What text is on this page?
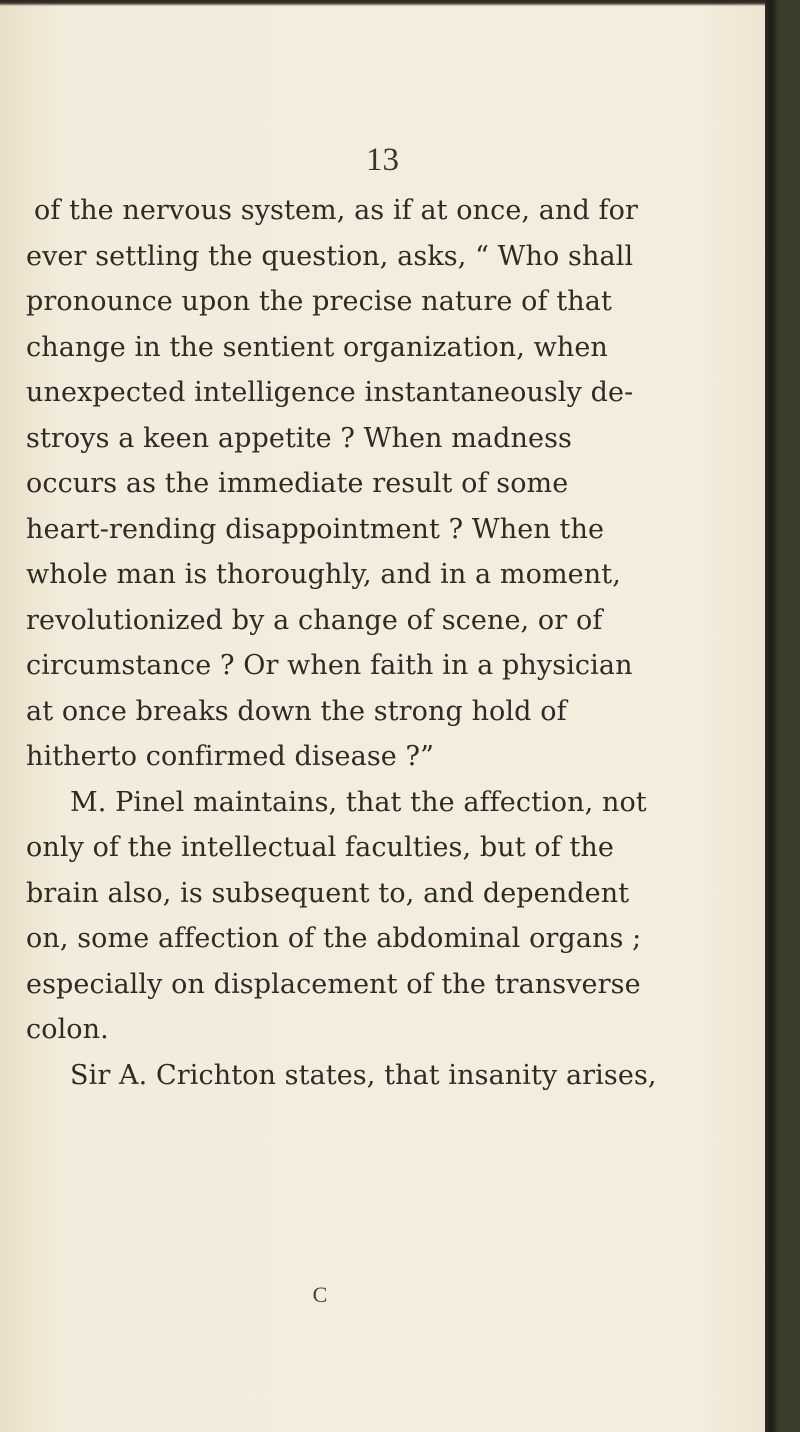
13
of the nervous system, as if at once, and for
ever settling the question, asks, “ Who shall
pronounce upon the precise nature of that
change in the sentient organization, when
unexpected intelligence instantaneously de-
stroys a keen appetite ? When madness
occurs as the immediate result of some
heart-rending disappointment ? When the
whole man is thoroughly, and in a moment,
revolutionized by a change of scene, or of
circumstance ? Or when faith in a physician
at once breaks down the strong hold of
hitherto confirmed disease ?”
M. Pinel maintains, that the affection, not
only of the intellectual faculties, but of the
brain also, is subsequent to, and dependent
on, some affection of the abdominal organs ;
especially on displacement of the transverse
colon.
Sir A. Crichton states, that insanity arises,
C
